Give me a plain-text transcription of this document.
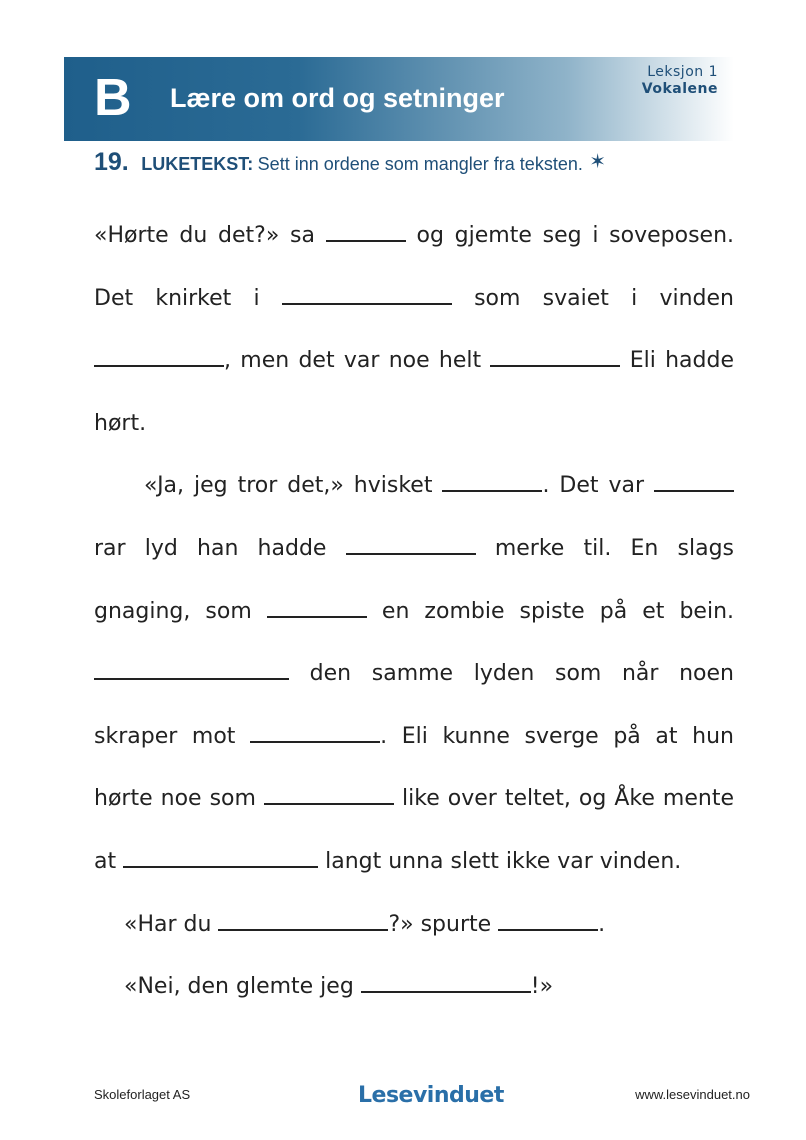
B Lære om ord og setninger
Leksjon 1
Vokalene
19. LUKETEKST: Sett inn ordene som mangler fra teksten. ✶

«Hørte du det?» sa	og gjemte seg i soveposen. Det knirket i	som svaiet i vinden , men det var noe helt	Eli hadde hørt.

«Ja, jeg tror det,» hvisket	. Det var  rar lyd han hadde	merke til. En slags gnaging, som	en zombie spiste på et bein.  den samme lyden som når noen skraper mot	. Eli kunne sverge på at hun hørte noe som	like over teltet, og Åke mente at	langt unna slett ikke var vinden.

«Har du	?» spurte	.

«Nei, den glemte jeg	!»

Skoleforlaget AS	Lesevinduet	www.lesevinduet.no
